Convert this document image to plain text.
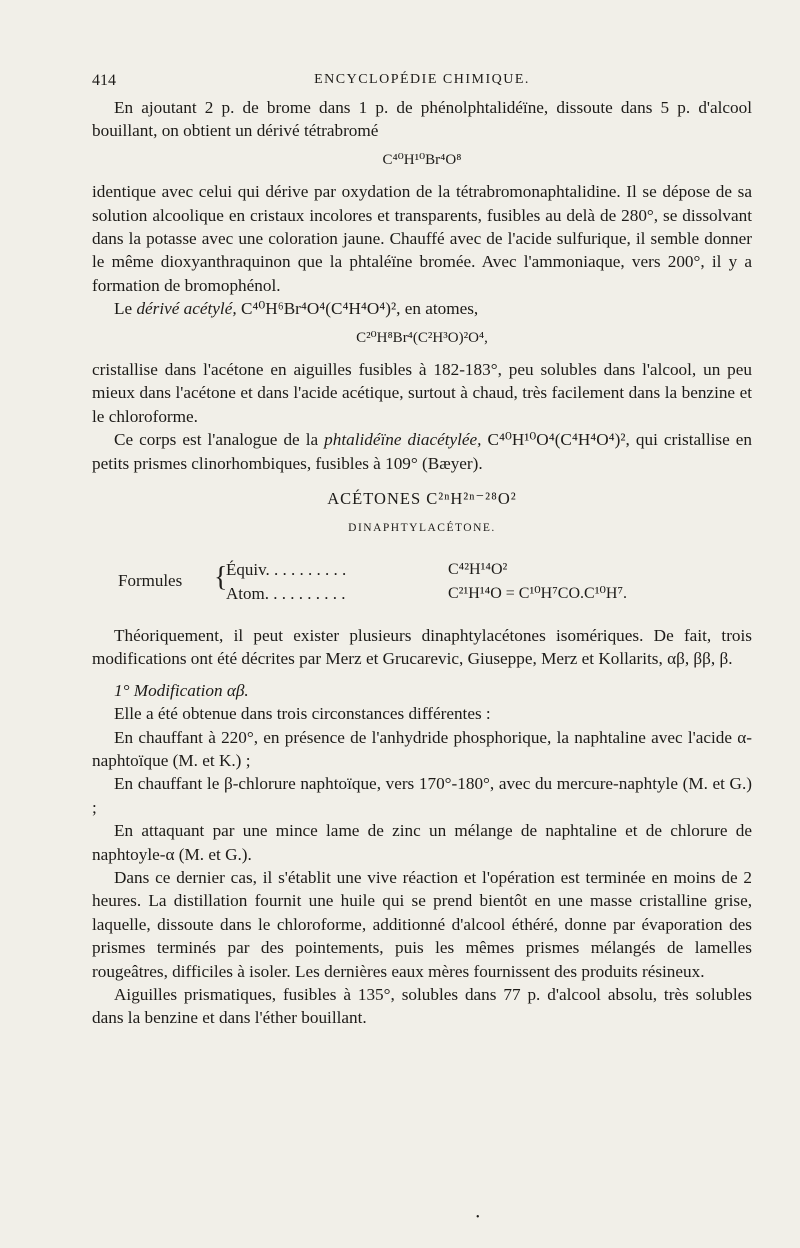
414	ENCYCLOPÉDIE CHIMIQUE.

En ajoutant 2 p. de brome dans 1 p. de phénolphtalidéïne, dissoute dans 5 p. d'alcool bouillant, on obtient un dérivé tétrabromé

C⁴⁰H¹⁰Br⁴O⁸

identique avec celui qui dérive par oxydation de la tétrabromonaphtalidine. Il se dépose de sa solution alcoolique en cristaux incolores et transparents, fusibles au delà de 280°, se dissolvant dans la potasse avec une coloration jaune. Chauffé avec de l'acide sulfurique, il semble donner le même dioxyanthraquinon que la phtaléïne bromée. Avec l'ammoniaque, vers 200°, il y a formation de bromophénol.

Le dérivé acétylé, C⁴⁰H⁶Br⁴O⁴(C⁴H⁴O⁴)², en atomes,

C²⁰H⁸Br⁴(C²H³O)²O⁴,

cristallise dans l'acétone en aiguilles fusibles à 182-183°, peu solubles dans l'alcool, un peu mieux dans l'acétone et dans l'acide acétique, surtout à chaud, très facilement dans la benzine et le chloroforme.

Ce corps est l'analogue de la phtalidéïne diacétylée, C⁴⁰H¹⁰O⁴(C⁴H⁴O⁴)², qui cristallise en petits prismes clinorhombiques, fusibles à 109° (Bæyer).

ACÉTONES C²ⁿH²ⁿ⁻²⁸O²

DINAPHTYLACÉTONE.

Formules {
Équiv. . . . . . . . . .	C⁴²H¹⁴O²
Atom. . . . . . . . . .	C²¹H¹⁴O = C¹⁰H⁷CO.C¹⁰H⁷.

Théoriquement, il peut exister plusieurs dinaphtylacétones isomériques. De fait, trois modifications ont été décrites par Merz et Grucarevic, Giuseppe, Merz et Kollarits, αβ, ββ, β.

1° Modification αβ.

Elle a été obtenue dans trois circonstances différentes :

En chauffant à 220°, en présence de l'anhydride phosphorique, la naphtaline avec l'acide α-naphtoïque (M. et K.) ;

En chauffant le β-chlorure naphtoïque, vers 170°-180°, avec du mercure-naphtyle (M. et G.) ;

En attaquant par une mince lame de zinc un mélange de naphtaline et de chlorure de naphtoyle-α (M. et G.).

Dans ce dernier cas, il s'établit une vive réaction et l'opération est terminée en moins de 2 heures. La distillation fournit une huile qui se prend bientôt en une masse cristalline grise, laquelle, dissoute dans le chloroforme, additionné d'alcool éthéré, donne par évaporation des prismes terminés par des pointements, puis les mêmes prismes mélangés de lamelles rougeâtres, difficiles à isoler. Les dernières eaux mères fournissent des produits résineux.

Aiguilles prismatiques, fusibles à 135°, solubles dans 77 p. d'alcool absolu, très solubles dans la benzine et dans l'éther bouillant.

•
